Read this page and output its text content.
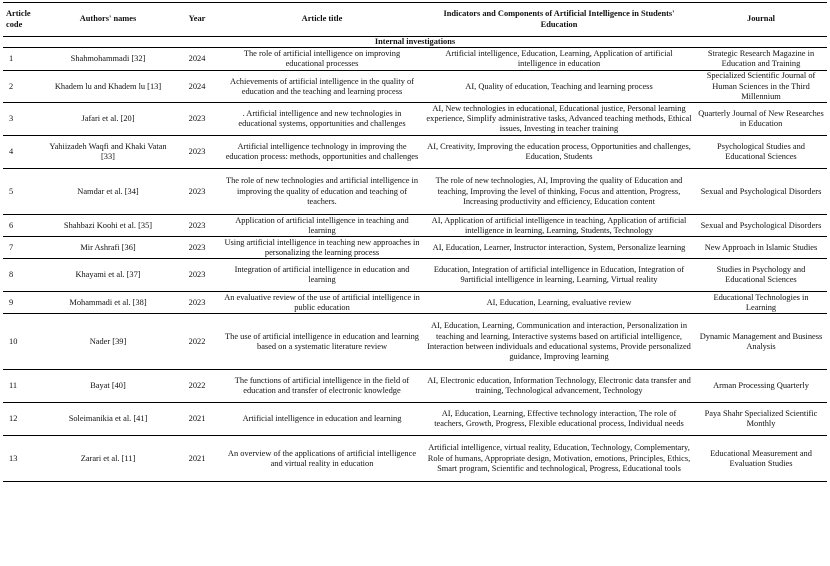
Article code	Authors' names	Year	Article title	Indicators and Components of Artificial Intelligence in Students' Education	Journal
Internal investigations					
1	Shahmohammadi [32]	2024	The role of artificial intelligence on improving educational processes	Artificial intelligence, Education, Learning, Application of artificial intelligence in education	Strategic Research Magazine in Education and Training
2	Khadem lu and Khadem lu [13]	2024	Achievements of artificial intelligence in the quality of education and the teaching and learning process	AI, Quality of education, Teaching and learning process	Specialized Scientific Journal of Human Sciences in the Third Millennium
3	Jafari et al. [20]	2023	. Artificial intelligence and new technologies in educational systems, opportunities and challenges	AI, New technologies in educational, Educational justice, Personal learning experience, Simplify administrative tasks, Advanced teaching methods, Ethical issues, Investing in teacher training	Quarterly Journal of New Researches in Education
4	Yahiizadeh Waqfi and Khaki Vatan [33]	2023	Artificial intelligence technology in improving the education process: methods, opportunities and challenges	AI, Creativity, Improving the education process, Opportunities and challenges, Education, Students	Psychological Studies and Educational Sciences
5	Namdar et al. [34]	2023	The role of new technologies and artificial intelligence in improving the quality of education and teaching of teachers.	The role of new technologies, AI, Improving the quality of Education and teaching, Improving the level of thinking, Focus and attention, Progress, Increasing productivity and efficiency, Education content	Sexual and Psychological Disorders
6	Shahbazi Koohi et al. [35]	2023	Application of artificial intelligence in teaching and learning	AI, Application of artificial intelligence in teaching, Application of artificial intelligence in learning, Learning, Students, Technology	Sexual and Psychological Disorders
7	Mir Ashrafi [36]	2023	Using artificial intelligence in teaching new approaches in personalizing the learning process	AI, Education, Learner, Instructor interaction, System, Personalize learning	New Approach in Islamic Studies
8	Khayami et al. [37]	2023	Integration of artificial intelligence in education and learning	Education, Integration of artificial intelligence in Education, Integration of 9artificial intelligence in learning, Learning, Virtual reality	Studies in Psychology and Educational Sciences
9	Mohammadi et al. [38]	2023	An evaluative review of the use of artificial intelligence in public education	AI, Education, Learning, evaluative review	Educational Technologies in Learning
10	Nader [39]	2022	The use of artificial intelligence in education and learning based on a systematic literature review	AI, Education, Learning, Communication and interaction, Personalization in teaching and learning, Interactive systems based on artificial intelligence, Interaction between individuals and educational systems, Provide personalized guidance, Improving learning	Dynamic Management and Business Analysis
11	Bayat [40]	2022	The functions of artificial intelligence in the field of education and transfer of electronic knowledge	AI, Electronic education, Information Technology, Electronic data transfer and training, Technological advancement, Technology	Arman Processing Quarterly
12	Soleimanikia et al. [41]	2021	Artificial intelligence in education and learning	AI, Education, Learning, Effective technology interaction, The role of teachers, Growth, Progress, Flexible educational process, Individual needs	Paya Shahr Specialized Scientific Monthly
13	Zarari et al. [11]	2021	An overview of the applications of artificial intelligence and virtual reality in education	Artificial intelligence, virtual reality, Education, Technology, Complementary, Role of humans, Appropriate design, Motivation, emotions, Principles, Ethics, Smart program, Scientific and technological, Progress, Educational tools	Educational Measurement and Evaluation Studies
